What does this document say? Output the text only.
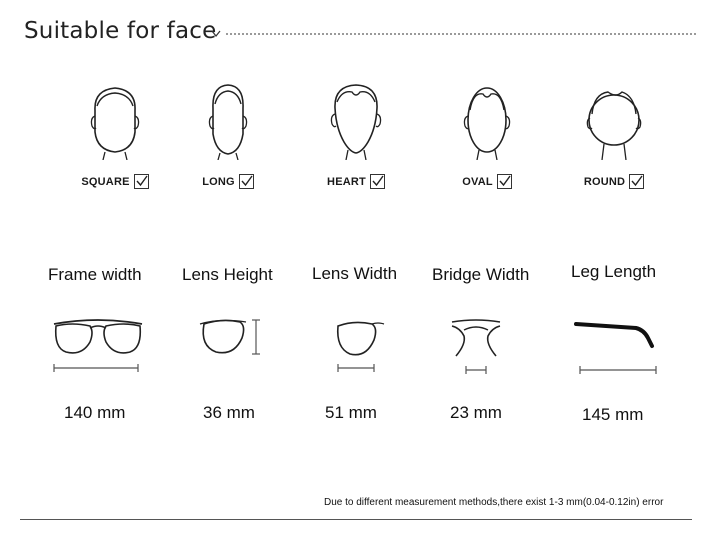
Suitable for face
SQUARE	LONG	HEART	OVAL	ROUND
Frame width
140 mm
Lens Height
36 mm
Lens Width
51 mm
Bridge Width
23 mm
Leg Length
145 mm
Due to different measurement methods,there exist 1-3 mm(0.04-0.12in) error
